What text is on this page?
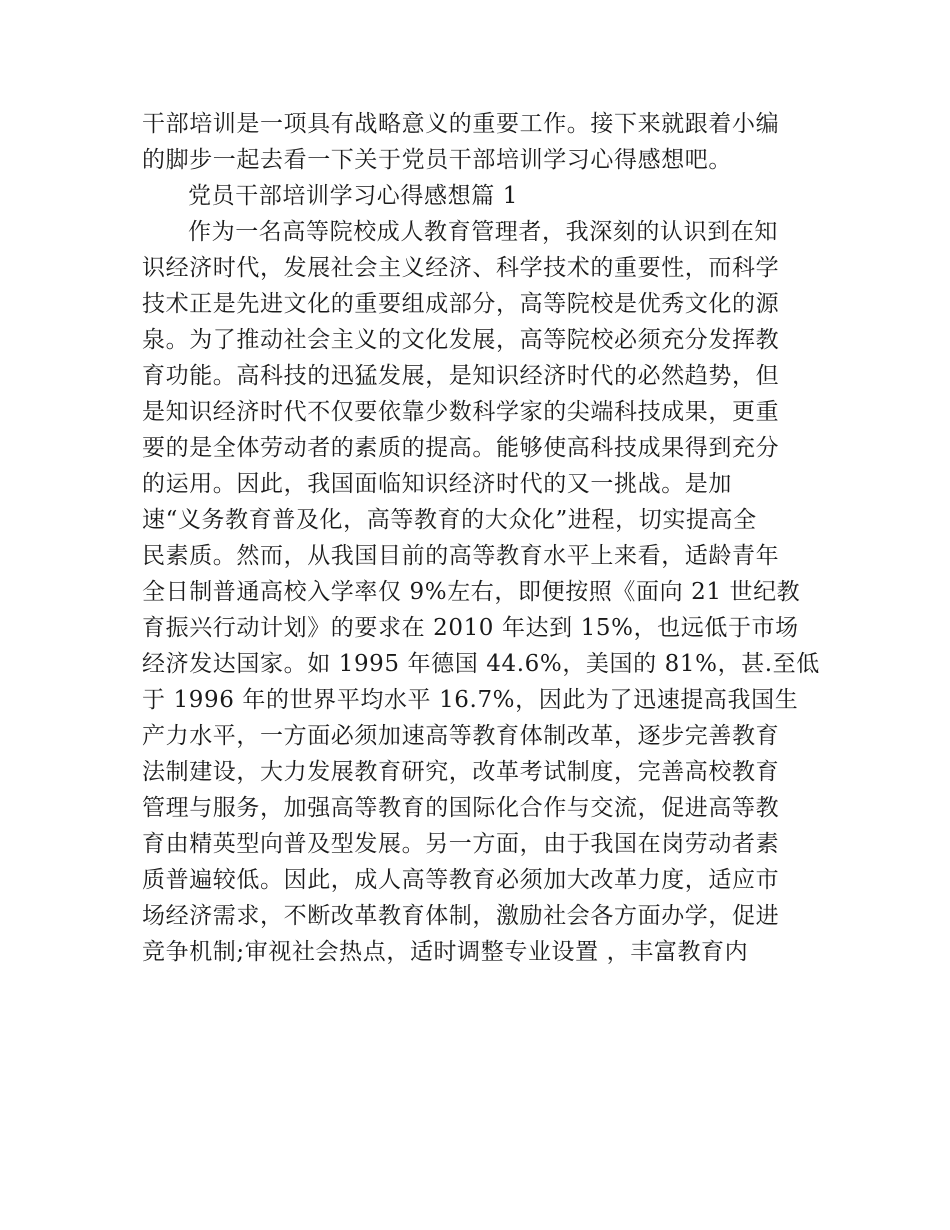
干部培训是一项具有战略意义的重要工作。接下来就跟着小编
的脚步一起去看一下关于党员干部培训学习心得感想吧。
党员干部培训学习心得感想篇 1
作为一名高等院校成人教育管理者，我深刻的认识到在知
识经济时代，发展社会主义经济、科学技术的重要性，而科学
技术正是先进文化的重要组成部分，高等院校是优秀文化的源
泉。为了推动社会主义的文化发展，高等院校必须充分发挥教
育功能。高科技的迅猛发展，是知识经济时代的必然趋势，但
是知识经济时代不仅要依靠少数科学家的尖端科技成果，更重
要的是全体劳动者的素质的提高。能够使高科技成果得到充分
的运用。因此，我国面临知识经济时代的又一挑战。是加
速“义务教育普及化，高等教育的大众化”进程，切实提高全
民素质。然而，从我国目前的高等教育水平上来看，适龄青年
全日制普通高校入学率仅 9%左右，即便按照《面向 21 世纪教
育振兴行动计划》的要求在 2010 年达到 15%，也远低于市场
经济发达国家。如 1995 年德国 44.6%，美国的 81%，甚.至低
于 1996 年的世界平均水平 16.7%，因此为了迅速提高我国生
产力水平，一方面必须加速高等教育体制改革，逐步完善教育
法制建设，大力发展教育研究，改革考试制度，完善高校教育
管理与服务，加强高等教育的国际化合作与交流，促进高等教
育由精英型向普及型发展。另一方面，由于我国在岗劳动者素
质普遍较低。因此，成人高等教育必须加大改革力度，适应市
场经济需求，不断改革教育体制，激励社会各方面办学，促进
竞争机制;审视社会热点，适时调整专业设置 ，丰富教育内
